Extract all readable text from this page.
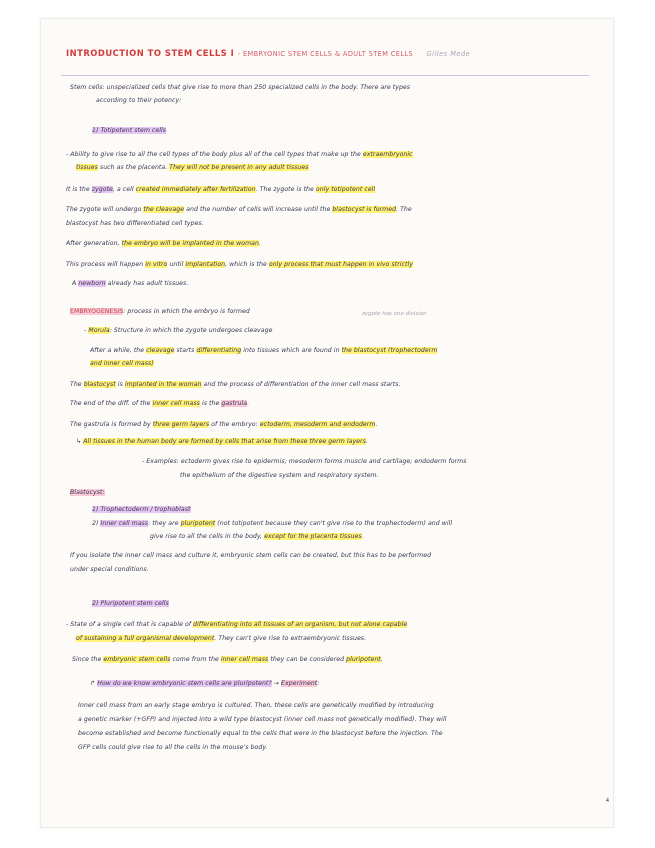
INTRODUCTION TO STEM CELLS I - EMBRYONIC STEM CELLS & ADULT STEM CELLS Gilles Mede
Stem cells: unspecialized cells that give rise to more than 250 specialized cells in the body. There are types
according to their potency:
1) Totipotent stem cells
- Ability to give rise to all the cell types of the body plus all of the cell types that make up the extraembryonic
tissues such as the placenta. They will not be present in any adult tissues
It is the zygote, a cell created immediately after fertilization. The zygote is the only totipotent cell
The zygote will undergo the cleavage and the number of cells will increase until the blastocyst is formed. The
blastocyst has two differentiated cell types.
After generation, the embryo will be implanted in the woman.
This process will happen in vitro until implantation, which is the only process that must happen in vivo strictly
A newborn already has adult tissues.
EMBRYOGENESIS: process in which the embryo is formed	zygote has one division
- Morula: Structure in which the zygote undergoes cleavage
After a while, the cleavage starts differentiating into tissues which are found in the blastocyst (trophectoderm
and inner cell mass)
The blastocyst is implanted in the woman and the process of differentiation of the inner cell mass starts.
The end of the diff. of the inner cell mass is the gastrula.
The gastrula is formed by three germ layers of the embryo: ectoderm, mesoderm and endoderm.
↳ All tissues in the human body are formed by cells that arise from these three germ layers.
- Examples: ectoderm gives rise to epidermis; mesoderm forms muscle and cartilage; endoderm forms
the epithelium of the digestive system and respiratory system.
Blastocyst:
1) Trophectoderm / trophoblast
2) Inner cell mass: they are pluripotent (not totipotent because they can't give rise to the trophectoderm) and will
give rise to all the cells in the body, except for the placenta tissues.
If you isolate the inner cell mass and culture it, embryonic stem cells can be created, but this has to be performed
under special conditions.
2) Pluripotent stem cells
- State of a single cell that is capable of differentiating into all tissues of an organism, but not alone capable
of sustaining a full organismal development. They can't give rise to extraembryonic tissues.
Since the embryonic stem cells come from the inner cell mass they can be considered pluripotent.
↱ How do we know embryonic stem cells are pluripotent? → Experiment:
Inner cell mass from an early stage embryo is cultured. Then, these cells are genetically modified by introducing
a genetic marker (+GFP) and injected into a wild type blastocyst (inner cell mass not genetically modified). They will
become established and become functionally equal to the cells that were in the blastocyst before the injection. The
GFP cells could give rise to all the cells in the mouse's body.
4
